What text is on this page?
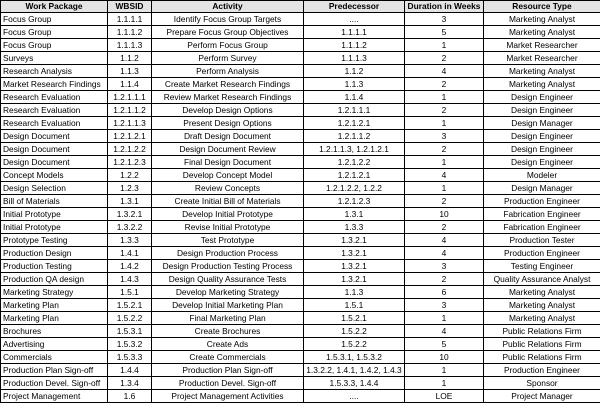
Work Package	WBSID	Activity	Predecessor	Duration in Weeks	Resource Type
Focus Group	1.1.1.1	Identify Focus Group Targets	....	3	Marketing Analyst
Focus Group	1.1.1.2	Prepare Focus Group Objectives	1.1.1.1	5	Marketing Analyst
Focus Group	1.1.1.3	Perform Focus Group	1.1.1.2	1	Market Researcher
Surveys	1.1.2	Perform Survey	1.1.1.3	2	Market Researcher
Research Analysis	1.1.3	Perform Analysis	1.1.2	4	Marketing Analyst
Market Research Findings	1.1.4	Create Market Research Findings	1.1.3	2	Marketing Analyst
Research Evaluation	1.2.1.1.1	Review Market Research Findings	1.1.4	1	Design Engineer
Research Evaluation	1.2.1.1.2	Develop Design Options	1.2.1.1.1	2	Design Engineer
Research Evaluation	1.2.1.1.3	Present Design Options	1.2.1.2.1	1	Design Manager
Design Document	1.2.1.2.1	Draft Design Document	1.2.1.1.2	3	Design Engineer
Design Document	1.2.1.2.2	Design Document Review	1.2.1.1.3, 1.2.1.2.1	2	Design Engineer
Design Document	1.2.1.2.3	Final Design Document	1.2.1.2.2	1	Design Engineer
Concept Models	1.2.2	Develop Concept Model	1.2.1.2.1	4	Modeler
Design Selection	1.2.3	Review Concepts	1.2.1.2.2, 1.2.2	1	Design Manager
Bill of Materials	1.3.1	Create Initial Bill of Materials	1.2.1.2.3	2	Production Engineer
Initial Prototype	1.3.2.1	Develop Initial Prototype	1.3.1	10	Fabrication Engineer
Initial Prototype	1.3.2.2	Revise Initial Prototype	1.3.3	2	Fabrication Engineer
Prototype Testing	1.3.3	Test Prototype	1.3.2.1	4	Production Tester
Production Design	1.4.1	Design Production Process	1.3.2.1	4	Production Engineer
Production Testing	1.4.2	Design Production Testing Process	1.3.2.1	3	Testing Engineer
Production QA design	1.4.3	Design Quality Assurance Tests	1.3.2.1	2	Quality Assurance Analyst
Marketing Strategy	1.5.1	Develop Marketing Strategy	1.1.3	6	Marketing Analyst
Marketing Plan	1.5.2.1	Develop Initial Marketing Plan	1.5.1	3	Marketing Analyst
Marketing Plan	1.5.2.2	Final Marketing Plan	1.5.2.1	1	Marketing Analyst
Brochures	1.5.3.1	Create Brochures	1.5.2.2	4	Public Relations Firm
Advertising	1.5.3.2	Create Ads	1.5.2.2	5	Public Relations Firm
Commercials	1.5.3.3	Create Commercials	1.5.3.1, 1.5.3.2	10	Public Relations Firm
Production Plan Sign-off	1.4.4	Production Plan Sign-off	1.3.2.2, 1.4.1, 1.4.2, 1.4.3	1	Production Engineer
Production Devel. Sign-off	1.3.4	Production Devel. Sign-off	1.5.3.3, 1.4.4	1	Sponsor
Project Management	1.6	Project Management Activities	....	LOE	Project Manager
